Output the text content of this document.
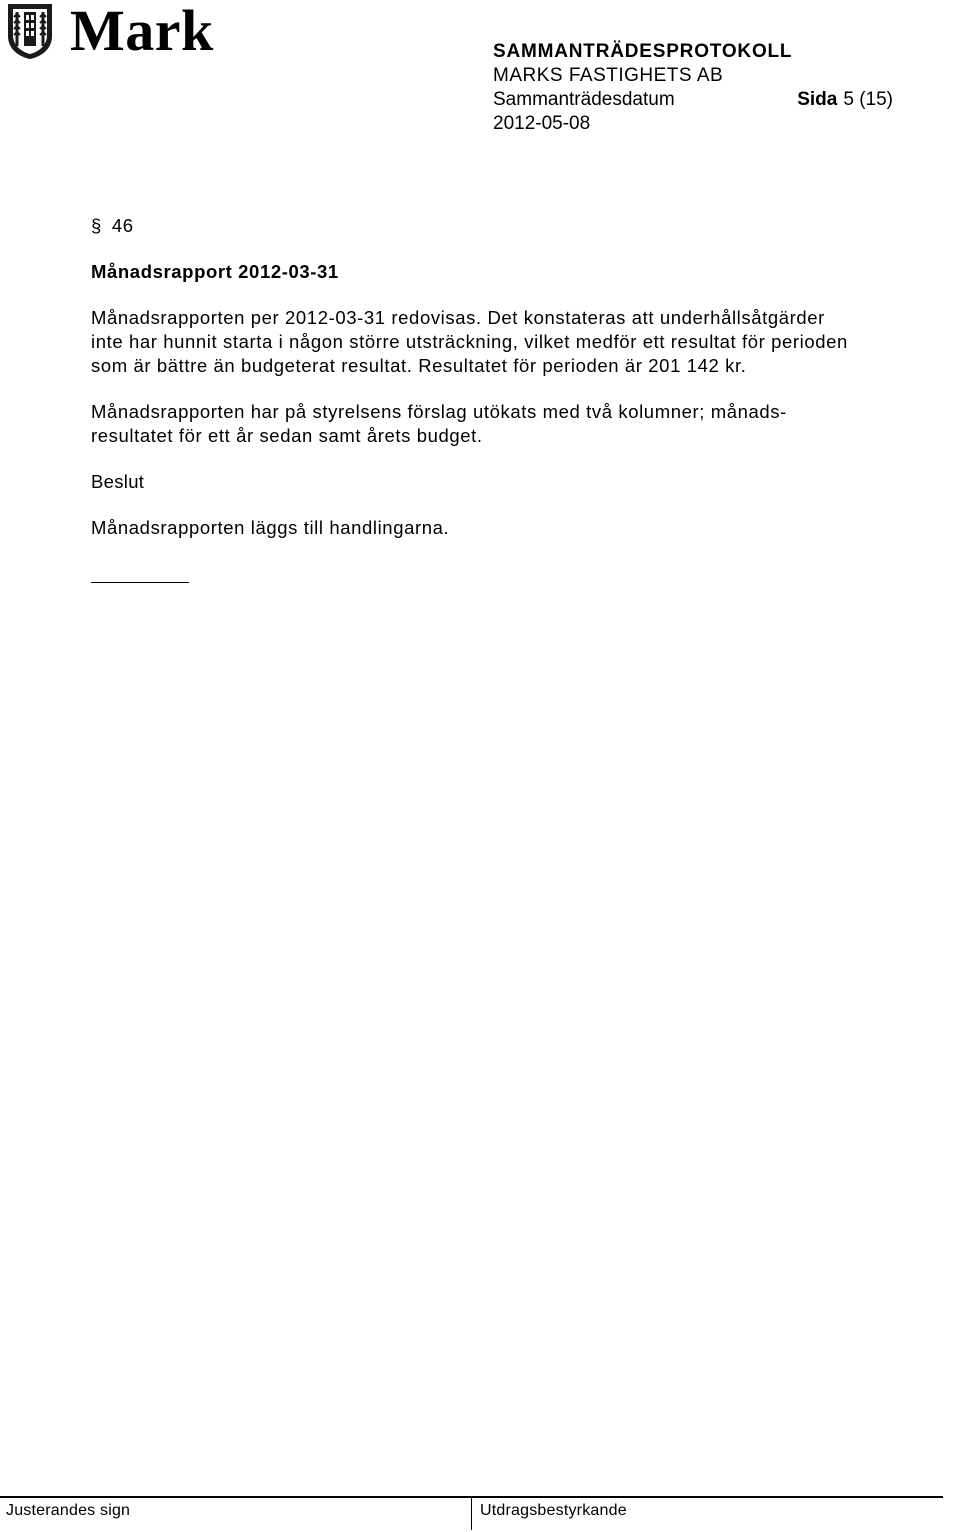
Mark	SAMMANTRÄDESPROTOKOLL
MARKS FASTIGHETS AB
Sammanträdesdatum	Sida 5 (15)
2012-05-08
§ 46
Månadsrapport 2012-03-31
Månadsrapporten per 2012-03-31 redovisas. Det konstateras att underhållsåtgärder
inte har hunnit starta i någon större utsträckning, vilket medför ett resultat för perioden
som är bättre än budgeterat resultat. Resultatet för perioden är 201 142 kr.
Månadsrapporten har på styrelsens förslag utökats med två kolumner; månads-
resultatet för ett år sedan samt årets budget.
Beslut
Månadsrapporten läggs till handlingarna.
Justerandes sign	Utdragsbestyrkande
